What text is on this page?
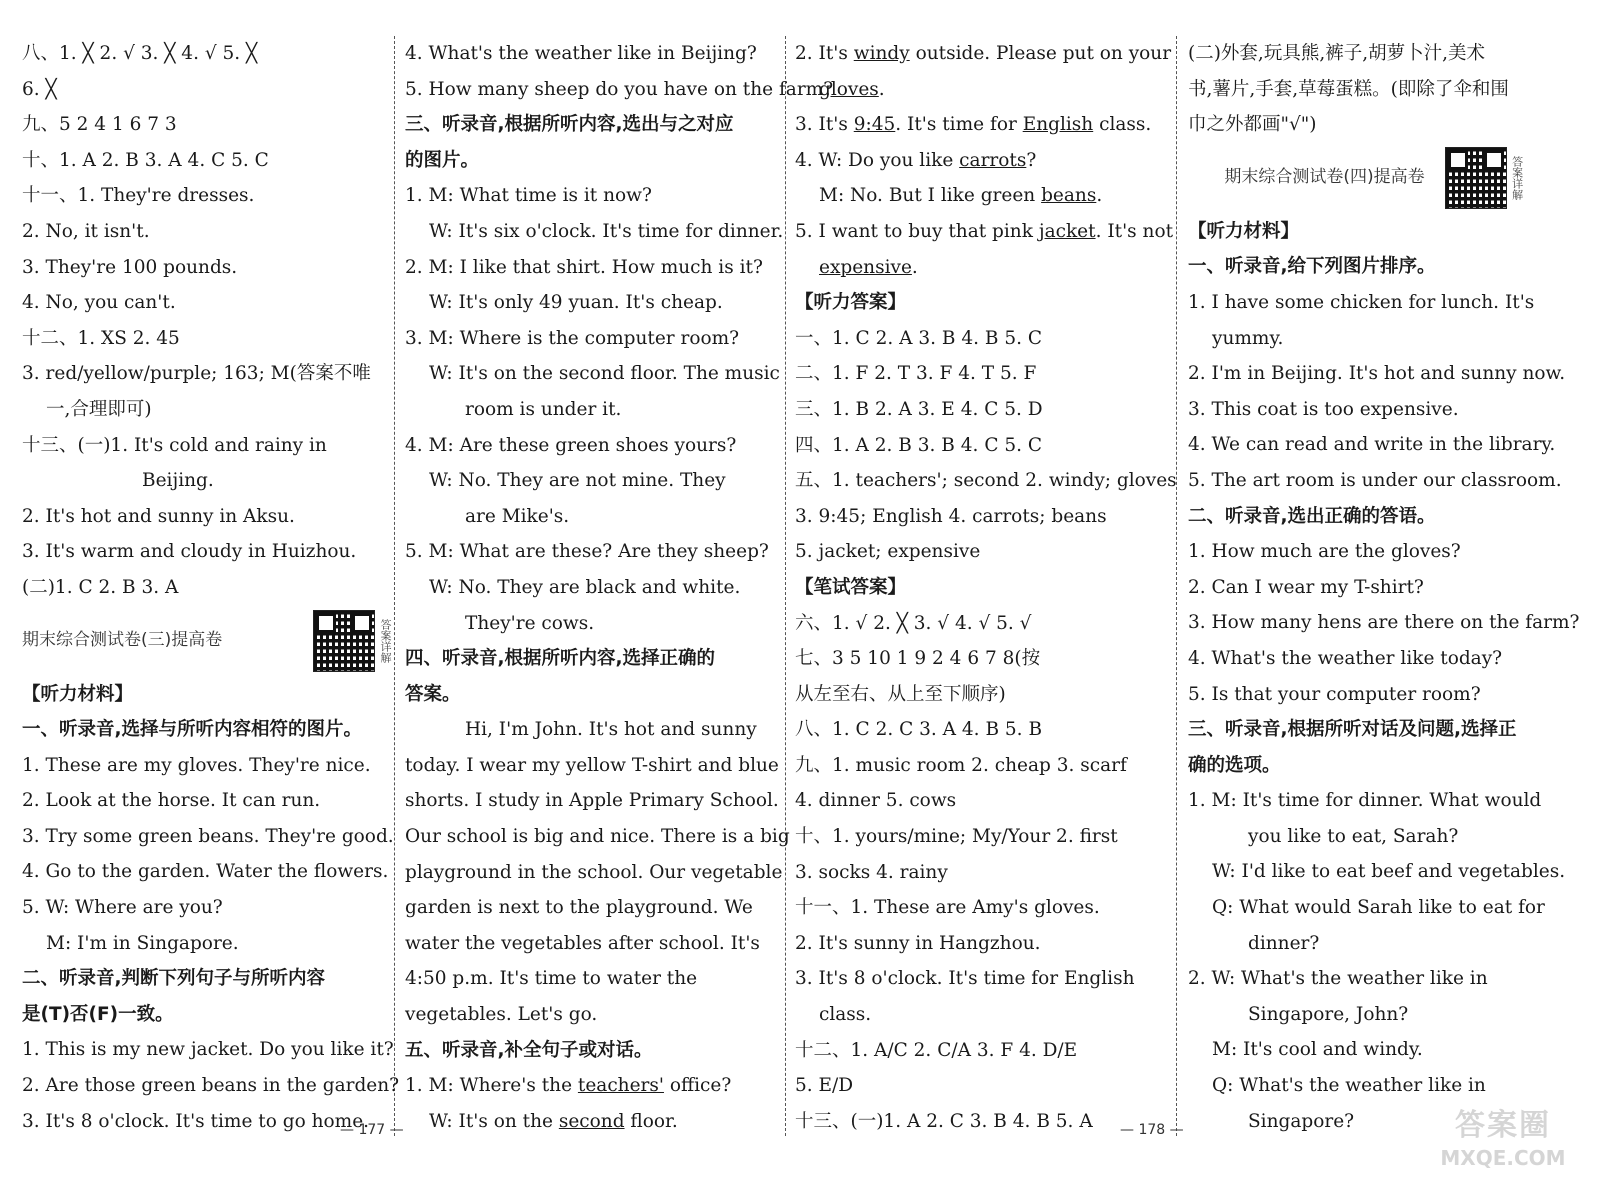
八、1. ╳ 2. √ 3. ╳ 4. √ 5. ╳
6. ╳
九、5 2 4 1 6 7 3
十、1. A 2. B 3. A 4. C 5. C
十一、1. They're dresses.
2. No, it isn't.
3. They're 100 pounds.
4. No, you can't.
十二、1. XS 2. 45
3. red/yellow/purple; 163; M(答案不唯
一,合理即可)
十三、(一)1. It's cold and rainy in
Beijing.
2. It's hot and sunny in Aksu.
3. It's warm and cloudy in Huizhou.
(二)1. C 2. B 3. A
期末综合测试卷(三)提高卷	答案详解
【听力材料】
一、听录音,选择与所听内容相符的图片。
1. These are my gloves. They're nice.
2. Look at the horse. It can run.
3. Try some green beans. They're good.
4. Go to the garden. Water the flowers.
5. W: Where are you?
M: I'm in Singapore.
二、听录音,判断下列句子与所听内容
是(T)否(F)一致。
1. This is my new jacket. Do you like it?
2. Are those green beans in the garden?
3. It's 8 o'clock. It's time to go home.
4. What's the weather like in Beijing?
5. How many sheep do you have on the farm?
三、听录音,根据所听内容,选出与之对应
的图片。
1. M: What time is it now?
W: It's six o'clock. It's time for dinner.
2. M: I like that shirt. How much is it?
W: It's only 49 yuan. It's cheap.
3. M: Where is the computer room?
W: It's on the second floor. The music
room is under it.
4. M: Are these green shoes yours?
W: No. They are not mine. They
are Mike's.
5. M: What are these? Are they sheep?
W: No. They are black and white.
They're cows.
四、听录音,根据所听内容,选择正确的
答案。
Hi, I'm John. It's hot and sunny
today. I wear my yellow T-shirt and blue
shorts. I study in Apple Primary School.
Our school is big and nice. There is a big
playground in the school. Our vegetable
garden is next to the playground. We
water the vegetables after school. It's
4:50 p.m. It's time to water the
vegetables. Let's go.
五、听录音,补全句子或对话。
1. M: Where's the teachers' office?
W: It's on the second floor.
2. It's windy outside. Please put on your
gloves.
3. It's 9:45. It's time for English class.
4. W: Do you like carrots?
M: No. But I like green beans.
5. I want to buy that pink jacket. It's not
expensive.
【听力答案】
一、1. C 2. A 3. B 4. B 5. C
二、1. F 2. T 3. F 4. T 5. F
三、1. B 2. A 3. E 4. C 5. D
四、1. A 2. B 3. B 4. C 5. C
五、1. teachers'; second 2. windy; gloves
3. 9:45; English 4. carrots; beans
5. jacket; expensive
【笔试答案】
六、1. √ 2. ╳ 3. √ 4. √ 5. √
七、3 5 10 1 9 2 4 6 7 8(按
从左至右、从上至下顺序)
八、1. C 2. C 3. A 4. B 5. B
九、1. music room 2. cheap 3. scarf
4. dinner 5. cows
十、1. yours/mine; My/Your 2. first
3. socks 4. rainy
十一、1. These are Amy's gloves.
2. It's sunny in Hangzhou.
3. It's 8 o'clock. It's time for English
class.
十二、1. A/C 2. C/A 3. F 4. D/E
5. E/D
十三、(一)1. A 2. C 3. B 4. B 5. A
(二)外套,玩具熊,裤子,胡萝卜汁,美术
书,薯片,手套,草莓蛋糕。(即除了伞和围
巾之外都画"√")
期末综合测试卷(四)提高卷	答案详解
【听力材料】
一、听录音,给下列图片排序。
1. I have some chicken for lunch. It's
yummy.
2. I'm in Beijing. It's hot and sunny now.
3. This coat is too expensive.
4. We can read and write in the library.
5. The art room is under our classroom.
二、听录音,选出正确的答语。
1. How much are the gloves?
2. Can I wear my T-shirt?
3. How many hens are there on the farm?
4. What's the weather like today?
5. Is that your computer room?
三、听录音,根据所听对话及问题,选择正
确的选项。
1. M: It's time for dinner. What would
you like to eat, Sarah?
W: I'd like to eat beef and vegetables.
Q: What would Sarah like to eat for
dinner?
2. W: What's the weather like in
Singapore, John?
M: It's cool and windy.
Q: What's the weather like in
Singapore?
— 177 —	— 178 —	答案圈
MXQE.COM
